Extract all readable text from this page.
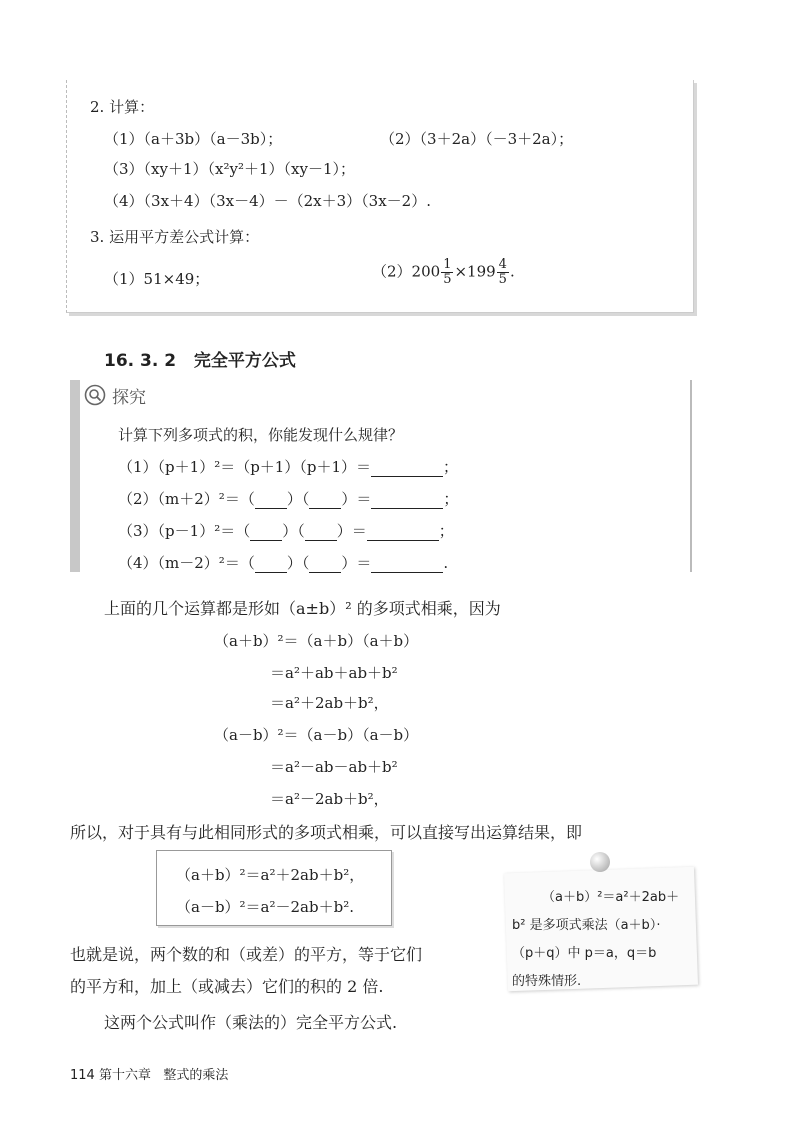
2. 计算：
（1）（a＋3b）（a－3b）；	（2）（3＋2a）（－3＋2a）；
（3）（xy＋1）（x²y²＋1）（xy－1）；
（4）（3x＋4）（3x－4）－（2x＋3）（3x－2）.
3. 运用平方差公式计算：
（1）51×49；	$(2)200 \frac{1}{5} \times 199 \frac{4}{5}$ .
16. 3. 2 完全平方公式
探究
计算下列多项式的积，你能发现什么规律？
（1）（p＋1）²＝（p＋1）（p＋1）＝	；
（2）（m＋2）²＝（ ）（ ）＝	；
（3）（p－1）²＝（ ）（ ）＝	；
（4）（m－2）²＝（ ）（ ）＝	.
上面的几个运算都是形如（a±b）² 的多项式相乘，因为
（a＋b）²＝（a＋b）（a＋b）
＝a²＋ab＋ab＋b²
＝a²＋2ab＋b²，
（a－b）²＝（a－b）（a－b）
＝a²－ab－ab＋b²
＝a²－2ab＋b²，
所以，对于具有与此相同形式的多项式相乘，可以直接写出运算结果，即
（a＋b）²＝a²＋2ab＋b²，
（a－b）²＝a²－2ab＋b².
也就是说，两个数的和（或差）的平方，等于它们
的平方和，加上（或减去）它们的积的 2 倍.
这两个公式叫作（乘法的）完全平方公式.
（a＋b）²＝a²＋2ab＋
b² 是多项式乘法（a＋b）·
（p＋q）中 p＝a，q＝b
的特殊情形.
114 第十六章 整式的乘法
